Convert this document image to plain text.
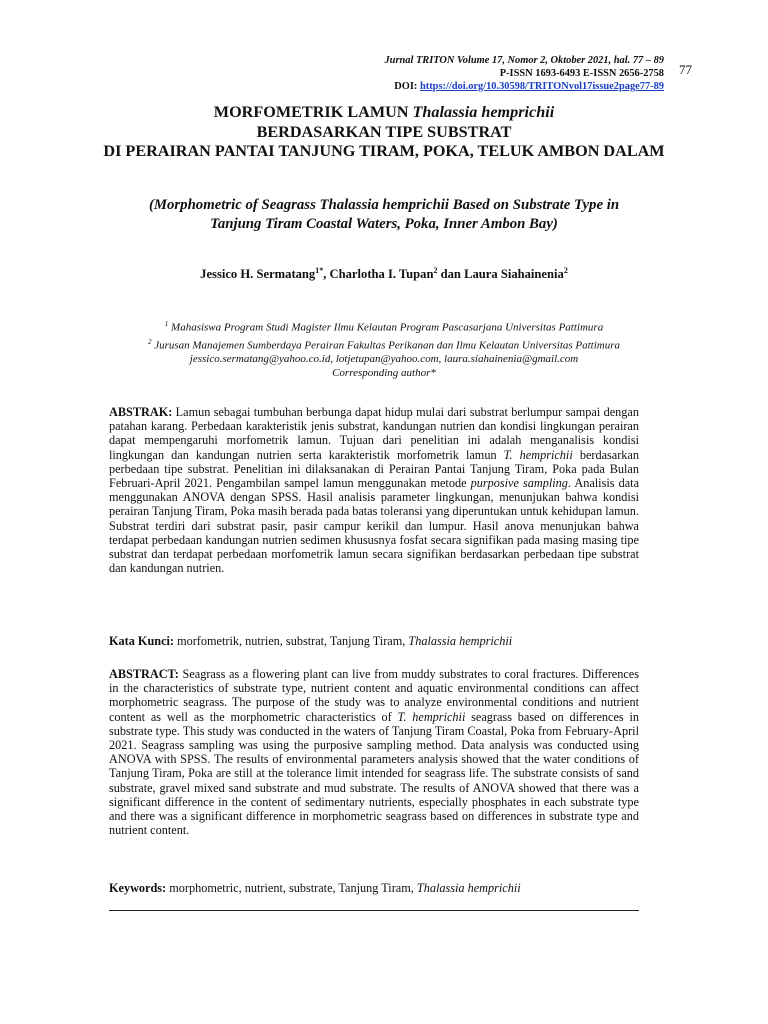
Jurnal TRITON Volume 17, Nomor 2, Oktober 2021, hal. 77 – 89
P-ISSN 1693-6493 E-ISSN 2656-2758
DOI: https://doi.org/10.30598/TRITONvol17issue2page77-89
77
MORFOMETRIK LAMUN Thalassia hemprichii
BERDASARKAN TIPE SUBSTRAT
DI PERAIRAN PANTAI TANJUNG TIRAM, POKA, TELUK AMBON DALAM
(Morphometric of Seagrass Thalassia hemprichii Based on Substrate Type in
Tanjung Tiram Coastal Waters, Poka, Inner Ambon Bay)
Jessico H. Sermatang$^{1*}$, Charlotha I. Tupan$^2$ dan Laura Siahainenia$^2$
$^1$ Mahasiswa Program Studi Magister Ilmu Kelautan Program Pascasarjana Universitas Pattimura
$^2$ Jurusan Manajemen Sumberdaya Perairan Fakultas Perikanan dan Ilmu Kelautan Universitas Pattimura
jessico.sermatang@yahoo.co.id, lotjetupan@yahoo.com, laura.siahainenia@gmail.com
Corresponding author*
ABSTRAK: Lamun sebagai tumbuhan berbunga dapat hidup mulai dari substrat berlumpur sampai dengan patahan karang. Perbedaan karakteristik jenis substrat, kandungan nutrien dan kondisi lingkungan perairan dapat mempengaruhi morfometrik lamun. Tujuan dari penelitian ini adalah menganalisis kondisi lingkungan dan kandungan nutrien serta karakteristik morfometrik lamun T. hemprichii berdasarkan perbedaan tipe substrat. Penelitian ini dilaksanakan di Perairan Pantai Tanjung Tiram, Poka pada Bulan Februari-April 2021. Pengambilan sampel lamun menggunakan metode purposive sampling. Analisis data menggunakan ANOVA dengan SPSS. Hasil analisis parameter lingkungan, menunjukan bahwa kondisi perairan Tanjung Tiram, Poka masih berada pada batas toleransi yang diperuntukan untuk kehidupan lamun. Substrat terdiri dari substrat pasir, pasir campur kerikil dan lumpur. Hasil anova menunjukan bahwa terdapat perbedaan kandungan nutrien sedimen khususnya fosfat secara signifikan pada masing masing tipe substrat dan terdapat perbedaan morfometrik lamun secara signifikan berdasarkan perbedaan tipe substrat dan kandungan nutrien.
Kata Kunci: morfometrik, nutrien, substrat, Tanjung Tiram, Thalassia hemprichii
ABSTRACT: Seagrass as a flowering plant can live from muddy substrates to coral fractures. Differences in the characteristics of substrate type, nutrient content and aquatic environmental conditions can affect morphometric seagrass. The purpose of the study was to analyze environmental conditions and nutrient content as well as the morphometric characteristics of T. hemprichii seagrass based on differences in substrate type. This study was conducted in the waters of Tanjung Tiram Coastal, Poka from February-April 2021. Seagrass sampling was using the purposive sampling method. Data analysis was conducted using ANOVA with SPSS. The results of environmental parameters analysis showed that the water conditions of Tanjung Tiram, Poka are still at the tolerance limit intended for seagrass life. The substrate consists of sand substrate, gravel mixed sand substrate and mud substrate. The results of ANOVA showed that there was a significant difference in the content of sedimentary nutrients, especially phosphates in each substrate type and there was a significant difference in morphometric seagrass based on differences in substrate type and nutrient content.
Keywords: morphometric, nutrient, substrate, Tanjung Tiram, Thalassia hemprichii
